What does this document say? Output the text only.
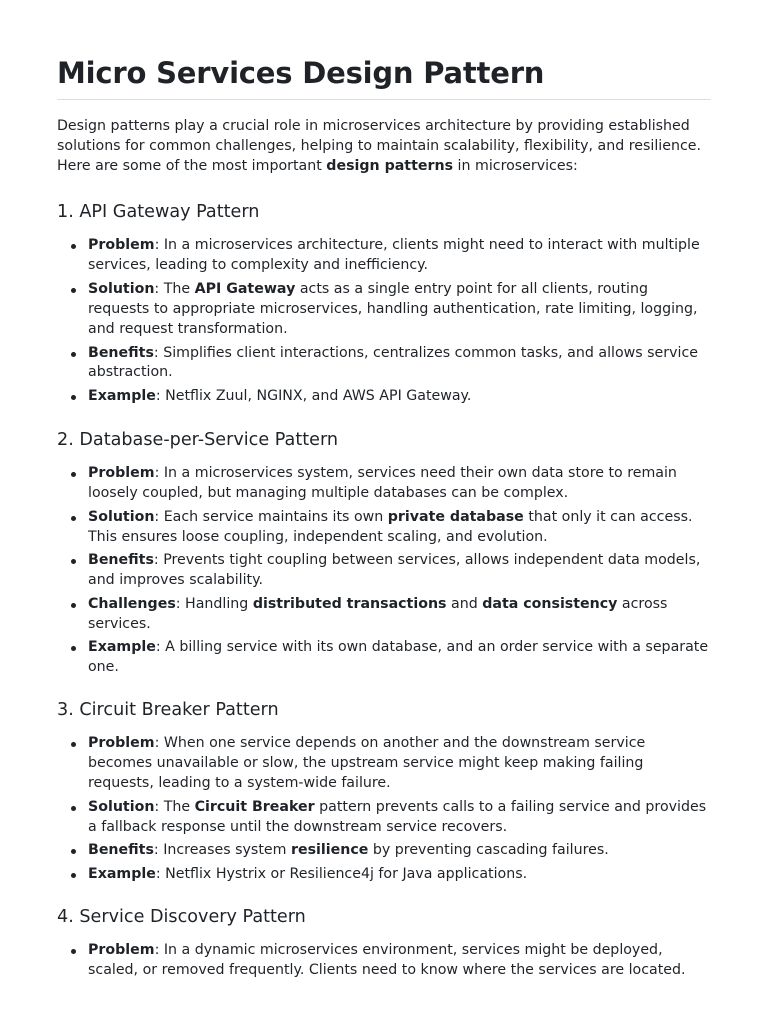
Micro Services Design Pattern

Design patterns play a crucial role in microservices architecture by providing established solutions for common challenges, helping to maintain scalability, flexibility, and resilience. Here are some of the most important design patterns in microservices:

1. API Gateway Pattern
Problem: In a microservices architecture, clients might need to interact with multiple services, leading to complexity and inefficiency.
Solution: The API Gateway acts as a single entry point for all clients, routing requests to appropriate microservices, handling authentication, rate limiting, logging, and request transformation.
Benefits: Simplifies client interactions, centralizes common tasks, and allows service abstraction.
Example: Netflix Zuul, NGINX, and AWS API Gateway.
2. Database-per-Service Pattern
Problem: In a microservices system, services need their own data store to remain loosely coupled, but managing multiple databases can be complex.
Solution: Each service maintains its own private database that only it can access. This ensures loose coupling, independent scaling, and evolution.
Benefits: Prevents tight coupling between services, allows independent data models, and improves scalability.
Challenges: Handling distributed transactions and data consistency across services.
Example: A billing service with its own database, and an order service with a separate one.
3. Circuit Breaker Pattern
Problem: When one service depends on another and the downstream service becomes unavailable or slow, the upstream service might keep making failing requests, leading to a system-wide failure.
Solution: The Circuit Breaker pattern prevents calls to a failing service and provides a fallback response until the downstream service recovers.
Benefits: Increases system resilience by preventing cascading failures.
Example: Netflix Hystrix or Resilience4j for Java applications.
4. Service Discovery Pattern
Problem: In a dynamic microservices environment, services might be deployed, scaled, or removed frequently. Clients need to know where the services are located.
